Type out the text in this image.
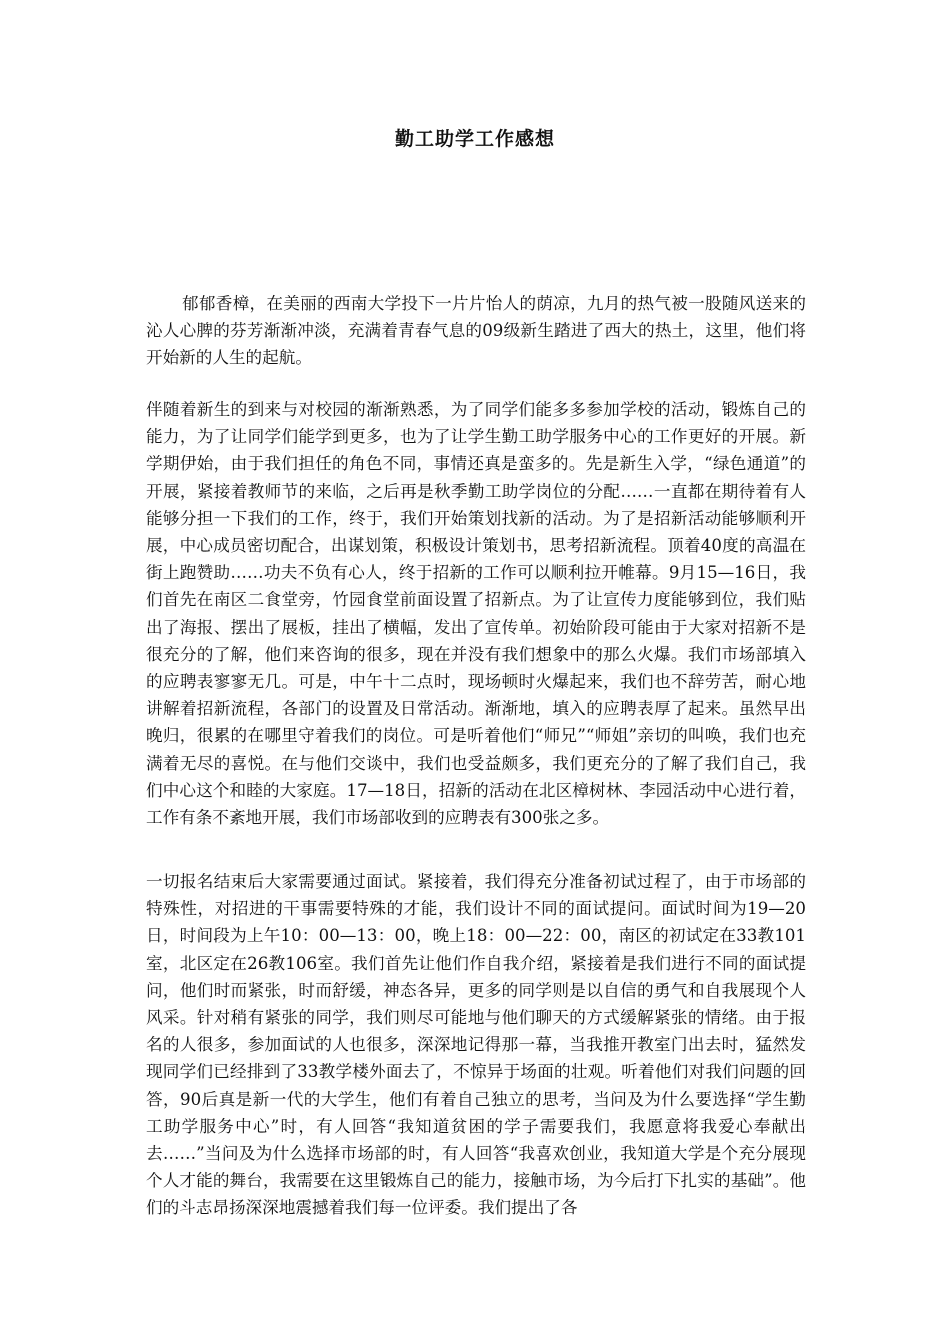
勤工助学工作感想

郁郁香樟，在美丽的西南大学投下一片片怡人的荫凉，九月的热气被一股随风送来的沁人心脾的芬芳渐渐冲淡，充满着青春气息的09级新生踏进了西大的热土，这里，他们将开始新的人生的起航。

伴随着新生的到来与对校园的渐渐熟悉，为了同学们能多多参加学校的活动，锻炼自己的能力，为了让同学们能学到更多，也为了让学生勤工助学服务中心的工作更好的开展。新学期伊始，由于我们担任的角色不同，事情还真是蛮多的。先是新生入学，“绿色通道”的开展，紧接着教师节的来临，之后再是秋季勤工助学岗位的分配……一直都在期待着有人能够分担一下我们的工作，终于，我们开始策划找新的活动。为了是招新活动能够顺利开展，中心成员密切配合，出谋划策，积极设计策划书，思考招新流程。顶着40度的高温在街上跑赞助……功夫不负有心人，终于招新的工作可以顺利拉开帷幕。9月15—16日，我们首先在南区二食堂旁，竹园食堂前面设置了招新点。为了让宣传力度能够到位，我们贴出了海报、摆出了展板，挂出了横幅，发出了宣传单。初始阶段可能由于大家对招新不是很充分的了解，他们来咨询的很多，现在并没有我们想象中的那么火爆。我们市场部填入的应聘表寥寥无几。可是，中午十二点时，现场顿时火爆起来，我们也不辞劳苦，耐心地讲解着招新流程，各部门的设置及日常活动。渐渐地，填入的应聘表厚了起来。虽然早出晚归，很累的在哪里守着我们的岗位。可是听着他们“师兄”“师姐”亲切的叫唤，我们也充满着无尽的喜悦。在与他们交谈中，我们也受益颇多，我们更充分的了解了我们自己，我们中心这个和睦的大家庭。17—18日，招新的活动在北区樟树林、李园活动中心进行着，工作有条不紊地开展，我们市场部收到的应聘表有300张之多。

一切报名结束后大家需要通过面试。紧接着，我们得充分准备初试过程了，由于市场部的特殊性，对招进的干事需要特殊的才能，我们设计不同的面试提问。面试时间为19—20日，时间段为上午10：00—13：00，晚上18：00—22：00，南区的初试定在33教101室，北区定在26教106室。我们首先让他们作自我介绍，紧接着是我们进行不同的面试提问，他们时而紧张，时而舒缓，神态各异，更多的同学则是以自信的勇气和自我展现个人风采。针对稍有紧张的同学，我们则尽可能地与他们聊天的方式缓解紧张的情绪。由于报名的人很多，参加面试的人也很多，深深地记得那一幕，当我推开教室门出去时，猛然发现同学们已经排到了33教学楼外面去了，不惊异于场面的壮观。听着他们对我们问题的回答，90后真是新一代的大学生，他们有着自己独立的思考，当问及为什么要选择“学生勤工助学服务中心”时，有人回答“我知道贫困的学子需要我们，我愿意将我爱心奉献出去……”当问及为什么选择市场部的时，有人回答“我喜欢创业，我知道大学是个充分展现个人才能的舞台，我需要在这里锻炼自己的能力，接触市场，为今后打下扎实的基础”。他们的斗志昂扬深深地震撼着我们每一位评委。我们提出了各
